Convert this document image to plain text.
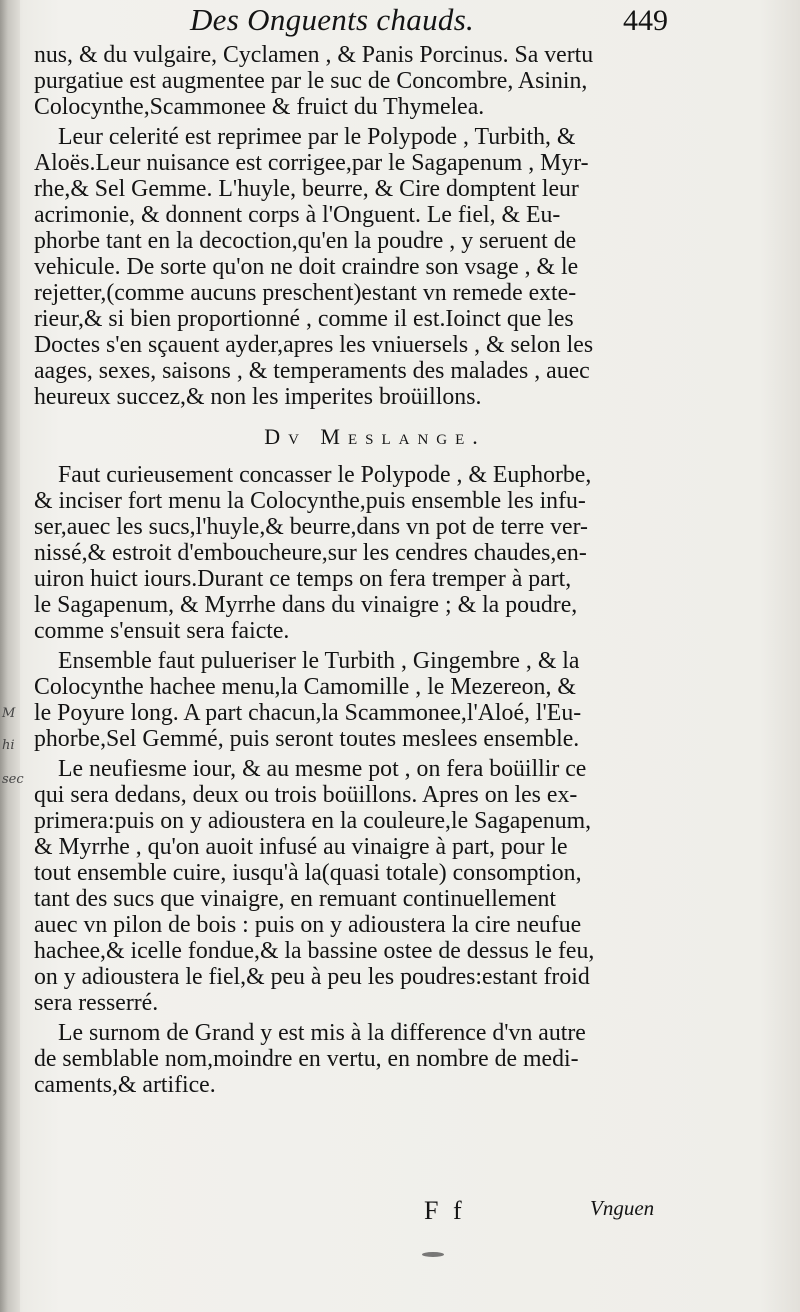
M
hi
sec
Des Onguents chauds.	449

nus, & du vulgaire, Cyclamen , & Panis Porcinus. Sa vertu
purgatiue est augmentee par le suc de Concombre, Asinin,
Colocynthe,Scammonee & fruict du Thymelea.

Leur celerité est reprimee par le Polypode , Turbith, &
Aloës.Leur nuisance est corrigee,par le Sagapenum , Myr-
rhe,& Sel Gemme. L'huyle, beurre, & Cire domptent leur
acrimonie, & donnent corps à l'Onguent. Le fiel, & Eu-
phorbe tant en la decoction,qu'en la poudre , y seruent de
vehicule. De sorte qu'on ne doit craindre son vsage , & le
rejetter,(comme aucuns preschent)estant vn remede exte-
rieur,& si bien proportionné , comme il est.Ioinct que les
Doctes s'en sçauent ayder,apres les vniuersels , & selon les
aages, sexes, saisons , & temperaments des malades , auec
heureux succez,& non les imperites broüillons.

Dv Meslange.

Faut curieusement concasser le Polypode , & Euphorbe,
& inciser fort menu la Colocynthe,puis ensemble les infu-
ser,auec les sucs,l'huyle,& beurre,dans vn pot de terre ver-
nissé,& estroit d'emboucheure,sur les cendres chaudes,en-
uiron huict iours.Durant ce temps on fera tremper à part,
le Sagapenum, & Myrrhe dans du vinaigre ; & la poudre,
comme s'ensuit sera faicte.

Ensemble faut pulueriser le Turbith , Gingembre , & la
Colocynthe hachee menu,la Camomille , le Mezereon, &
le Poyure long. A part chacun,la Scammonee,l'Aloé, l'Eu-
phorbe,Sel Gemmé, puis seront toutes meslees ensemble.

Le neufiesme iour, & au mesme pot , on fera boüillir ce
qui sera dedans, deux ou trois boüillons. Apres on les ex-
primera:puis on y adioustera en la couleure,le Sagapenum,
& Myrrhe , qu'on auoit infusé au vinaigre à part, pour le
tout ensemble cuire, iusqu'à la(quasi totale) consomption,
tant des sucs que vinaigre, en remuant continuellement
auec vn pilon de bois : puis on y adioustera la cire neufue
hachee,& icelle fondue,& la bassine ostee de dessus le feu,
on y adioustera le fiel,& peu à peu les poudres:estant froid
sera resserré.

Le surnom de Grand y est mis à la difference d'vn autre
de semblable nom,moindre en vertu, en nombre de medi-
caments,& artifice.

F f	Vnguen
